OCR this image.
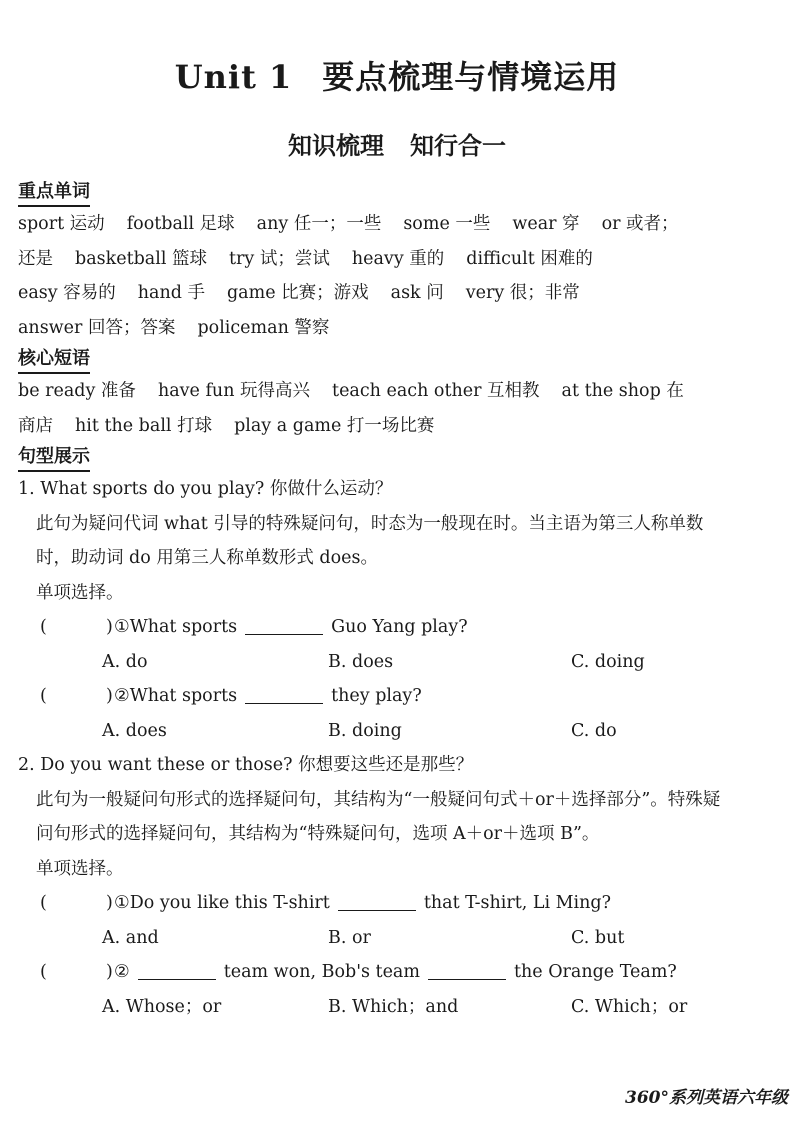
Unit 1 要点梳理与情境运用
知识梳理 知行合一
重点单词
sport 运动 football 足球 any 任一；一些 some 一些 wear 穿 or 或者；
还是 basketball 篮球 try 试；尝试 heavy 重的 difficult 困难的
easy 容易的 hand 手 game 比赛；游戏 ask 问 very 很；非常
answer 回答；答案 policeman 警察
核心短语
be ready 准备 have fun 玩得高兴 teach each other 互相教 at the shop 在
商店 hit the ball 打球 play a game 打一场比赛
句型展示
1. What sports do you play? 你做什么运动？
此句为疑问代词 what 引导的特殊疑问句，时态为一般现在时。当主语为第三人称单数时，助动词 do 用第三人称单数形式 does。
单项选择。
(	) ①What sports	Guo Yang play?
A. do	B. does	C. doing
(	) ②What sports	they play?
A. does	B. doing	C. do
2. Do you want these or those? 你想要这些还是那些？
此句为一般疑问句形式的选择疑问句，其结构为“一般疑问句式＋or＋选择部分”。特殊疑问句形式的选择疑问句，其结构为“特殊疑问句，选项 A＋or＋选项 B”。
单项选择。
(	) ①Do you like this T-shirt	that T-shirt, Li Ming?
A. and	B. or	C. but
(	) ②	team won, Bob's team	the Orange Team?
A. Whose；or	B. Which；and	C. Which；or
360°系列英语六年级
